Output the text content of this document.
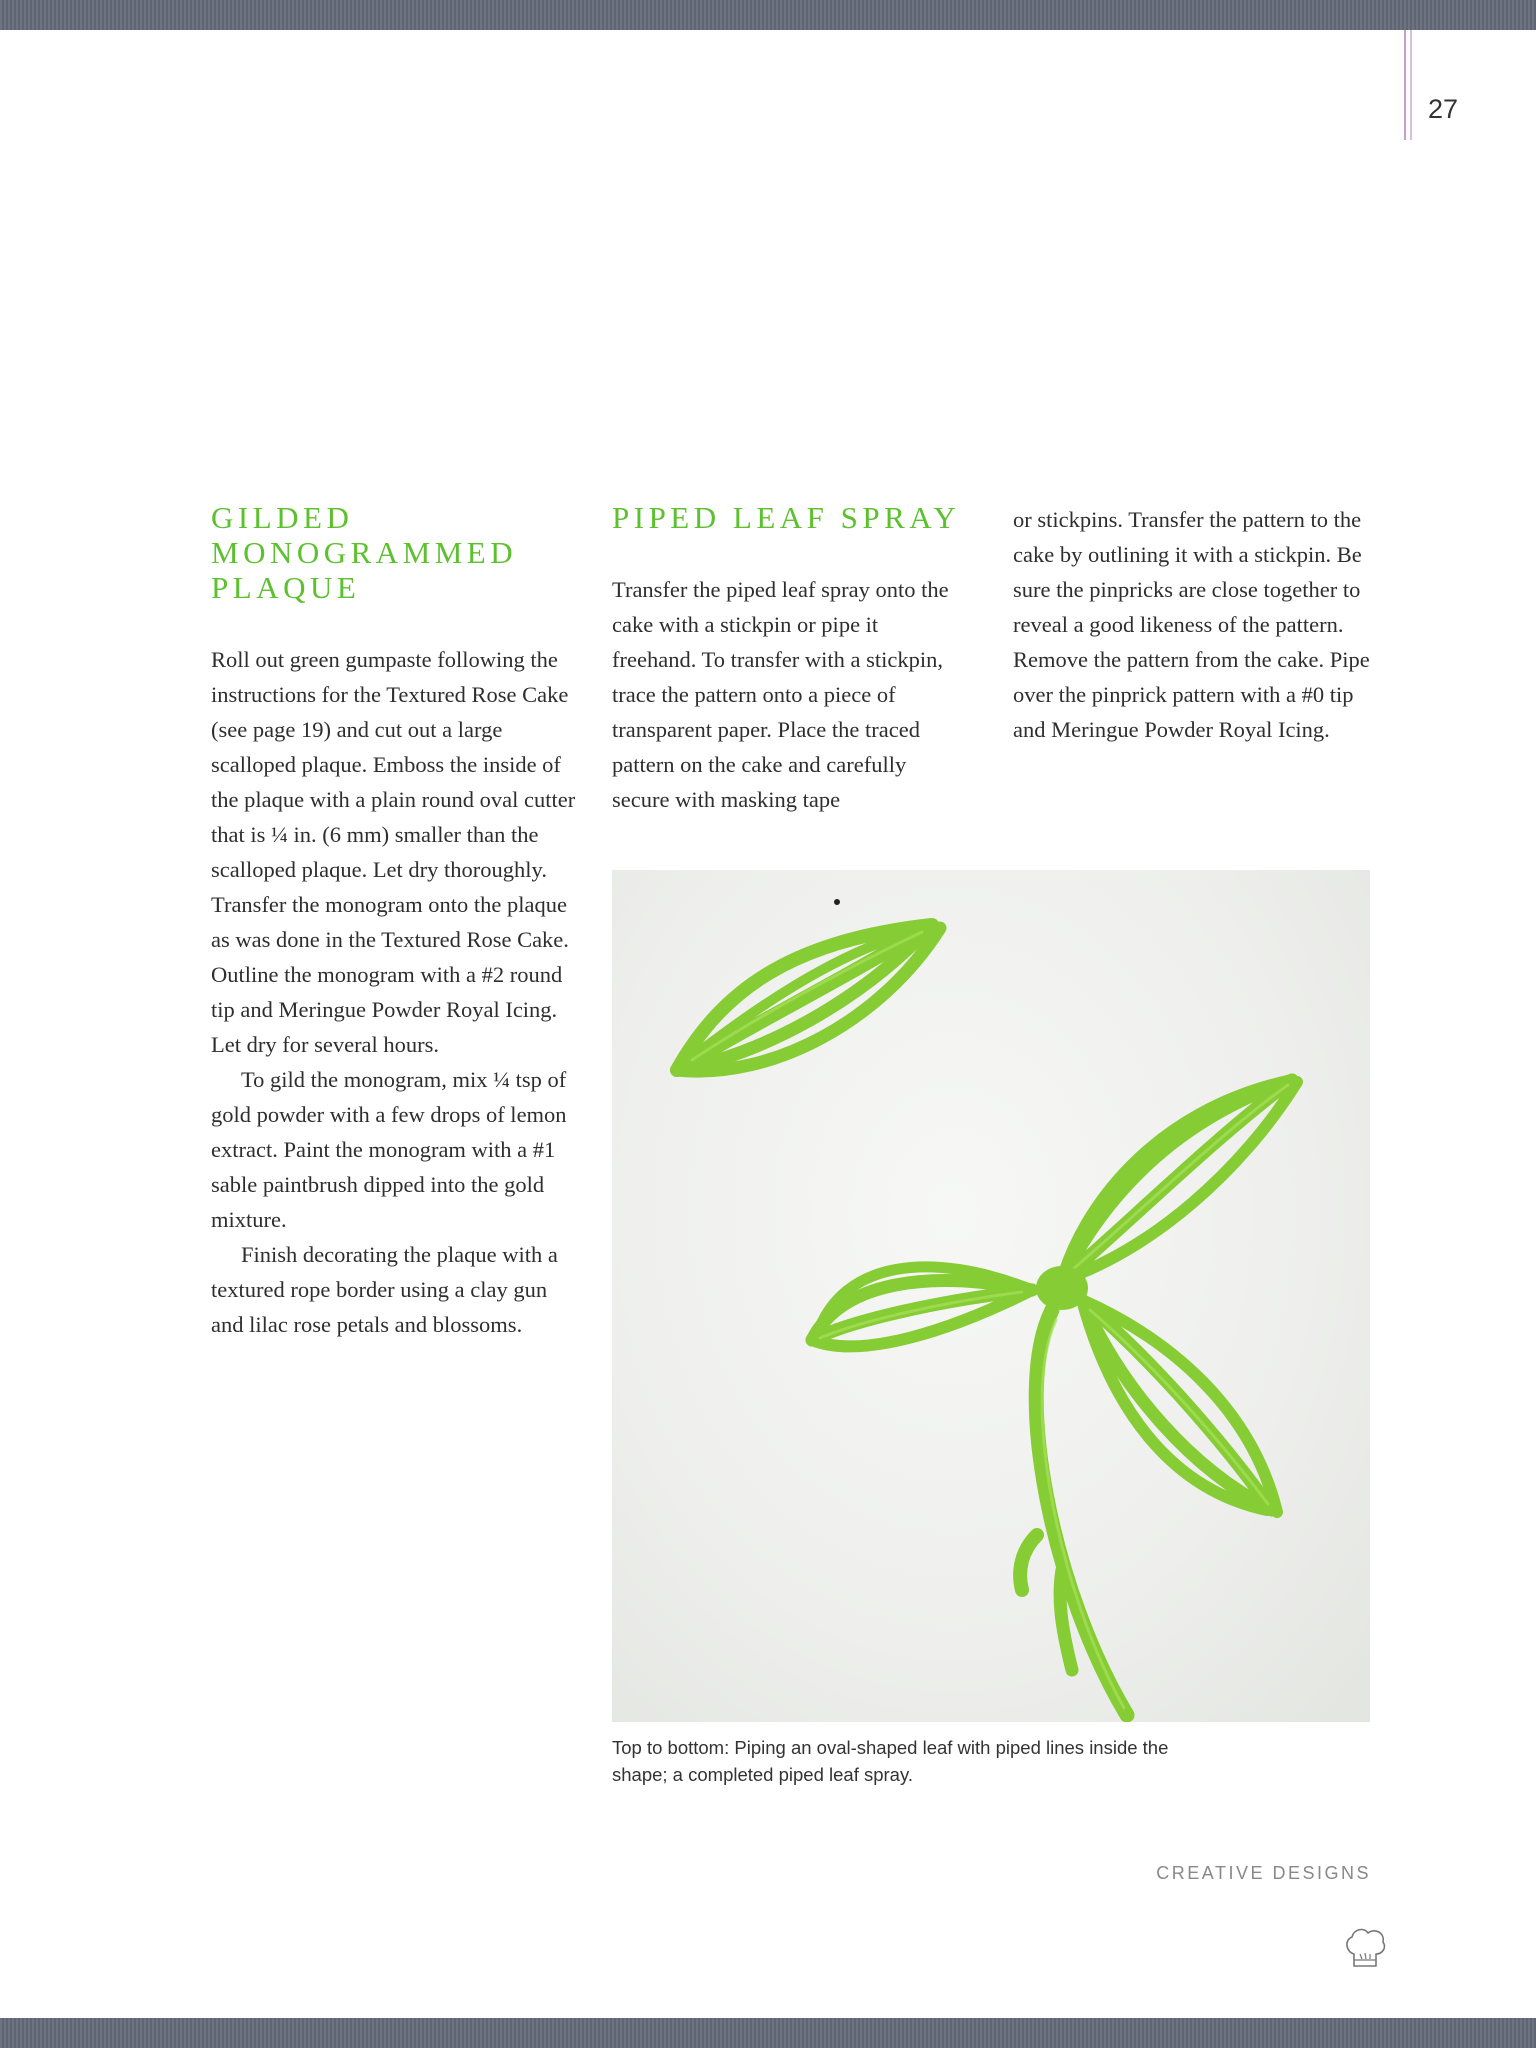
27
GILDED MONOGRAMMED PLAQUE

Roll out green gumpaste following the instructions for the Textured Rose Cake (see page 19) and cut out a large scalloped plaque. Emboss the inside of the plaque with a plain round oval cutter that is ¼ in. (6 mm) smaller than the scalloped plaque. Let dry thoroughly. Transfer the monogram onto the plaque as was done in the Textured Rose Cake. Outline the monogram with a #2 round tip and Meringue Powder Royal Icing. Let dry for several hours.

To gild the monogram, mix ¼ tsp of gold powder with a few drops of lemon extract. Paint the monogram with a #1 sable paintbrush dipped into the gold mixture.

Finish decorating the plaque with a textured rope border using a clay gun and lilac rose petals and blossoms.

PIPED LEAF SPRAY

Transfer the piped leaf spray onto the cake with a stickpin or pipe it freehand. To transfer with a stickpin, trace the pattern onto a piece of transparent paper. Place the traced pattern on the cake and carefully secure with masking tape

or stickpins. Transfer the pattern to the cake by outlining it with a stickpin. Be sure the pinpricks are close together to reveal a good likeness of the pattern. Remove the pattern from the cake. Pipe over the pinprick pattern with a #0 tip and Meringue Powder Royal Icing.

Top to bottom: Piping an oval-shaped leaf with piped lines inside the shape; a completed piped leaf spray.
CREATIVE DESIGNS
